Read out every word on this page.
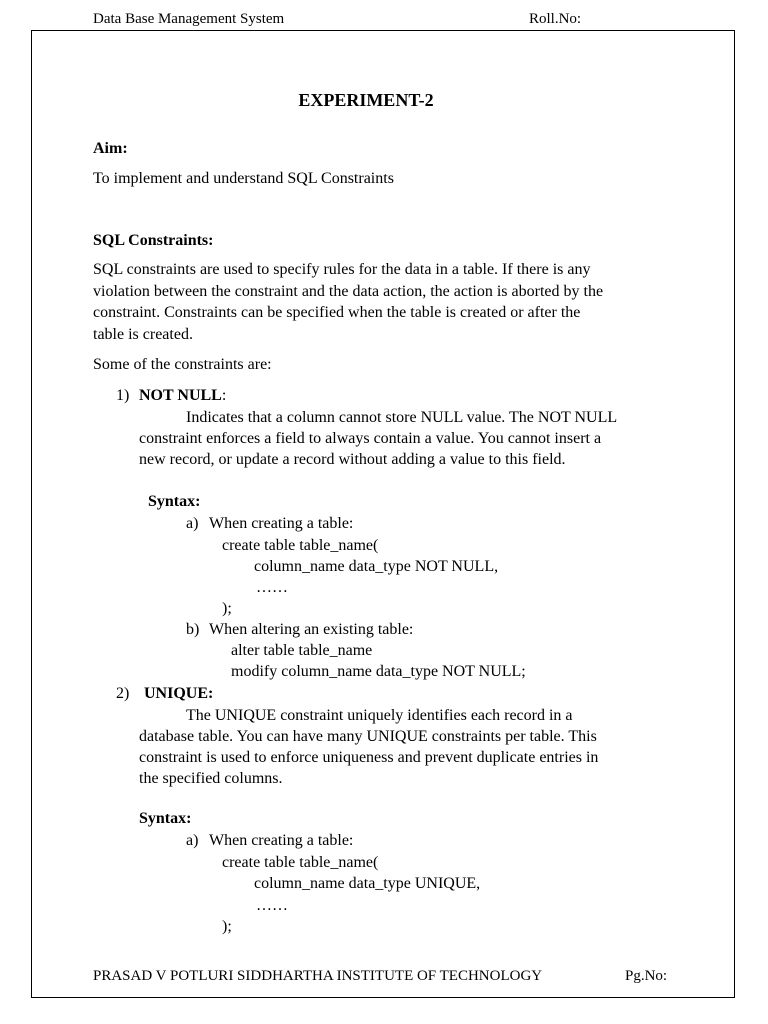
Data Base Management System	Roll.No:
EXPERIMENT-2
Aim:
To implement and understand SQL Constraints
SQL Constraints:
SQL constraints are used to specify rules for the data in a table. If there is any
violation between the constraint and the data action, the action is aborted by the
constraint. Constraints can be specified when the table is created or after the
table is created.
Some of the constraints are:
1) NOT NULL:
Indicates that a column cannot store NULL value. The NOT NULL
constraint enforces a field to always contain a value. You cannot insert a
new record, or update a record without adding a value to this field.
Syntax:
a) When creating a table:
create table table_name(
column_name data_type NOT NULL,
……
);
b) When altering an existing table:
alter table table_name
modify column_name data_type NOT NULL;
2) UNIQUE:
The UNIQUE constraint uniquely identifies each record in a
database table. You can have many UNIQUE constraints per table. This
constraint is used to enforce uniqueness and prevent duplicate entries in
the specified columns.
Syntax:
a) When creating a table:
create table table_name(
column_name data_type UNIQUE,
……
);
PRASAD V POTLURI SIDDHARTHA INSTITUTE OF TECHNOLOGY	Pg.No:
